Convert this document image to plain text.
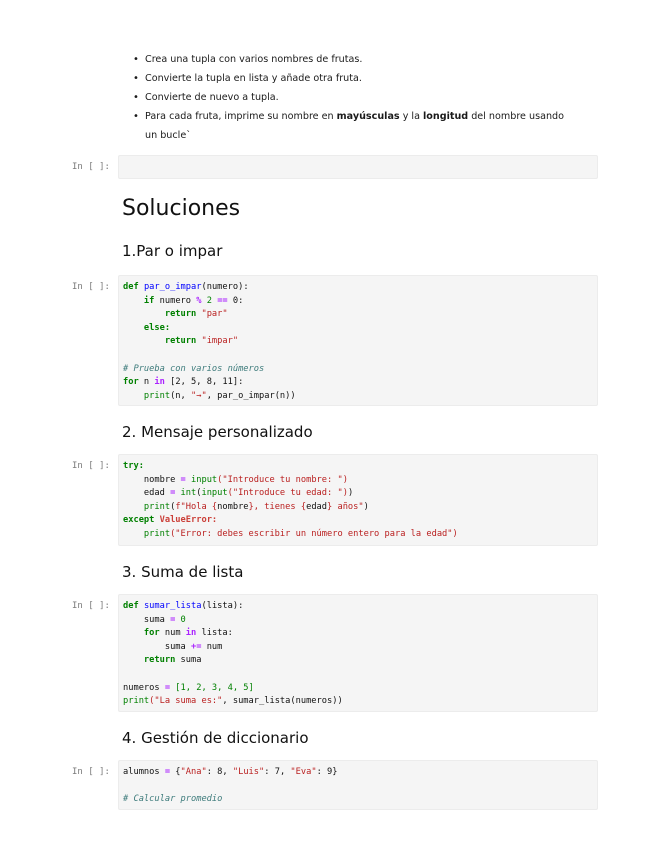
• Crea una tupla con varios nombres de frutas.
• Convierte la tupla en lista y añade otra fruta.
• Convierte de nuevo a tupla.
• Para cada fruta, imprime su nombre en mayúsculas y la longitud del nombre usando
un bucle`
In [ ]:
Soluciones
1.Par o impar
In [ ]:	def par_o_impar(numero):
if numero % 2 == 0:
return "par"
else:
return "impar"

# Prueba con varios números
for n in [2, 5, 8, 11]:
print(n, "→", par_o_impar(n))
2. Mensaje personalizado
In [ ]:	try:
nombre = input("Introduce tu nombre: ")
edad = int(input("Introduce tu edad: "))
print(f"Hola {nombre}, tienes {edad} años")
except ValueError:
print("Error: debes escribir un número entero para la edad")
3. Suma de lista
In [ ]:	def sumar_lista(lista):
suma = 0
for num in lista:
suma += num
return suma

numeros = [1, 2, 3, 4, 5]
print("La suma es:", sumar_lista(numeros))
4. Gestión de diccionario
In [ ]:	alumnos = {"Ana": 8, "Luis": 7, "Eva": 9}

# Calcular promedio
